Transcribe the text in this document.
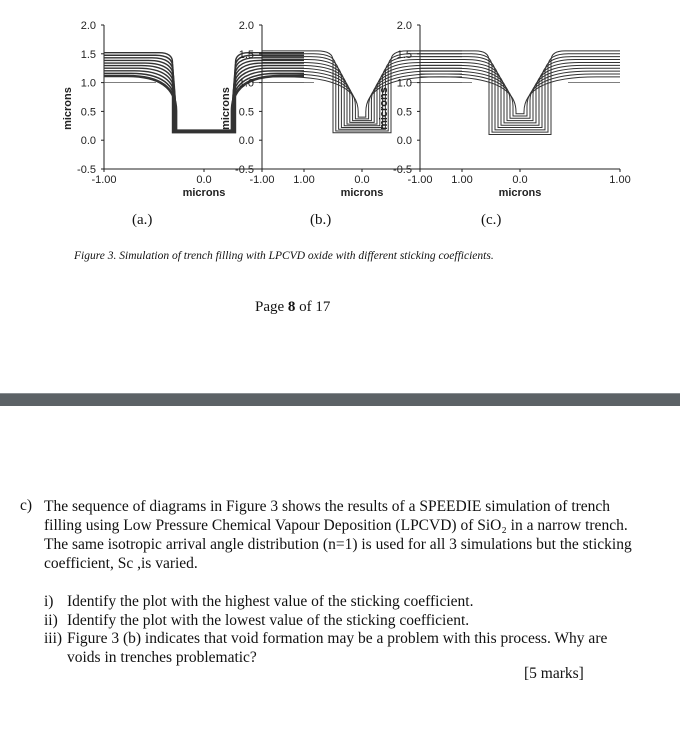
2.0
1.5
1.0
0.5
0.0
-0.5
microns
-1.00	0.0	1.00
microns
2.0
1.5
1.0
0.5
0.0
-0.5
microns
-1.00	0.0	1.00
microns
2.0
1.5
1.0
0.5
0.0
-0.5
microns
-1.00	0.0	1.00
microns
(a.)	(b.)	(c.)
Figure 3. Simulation of trench filling with LPCVD oxide with different sticking coefficients.
Page 8 of 17
c) The sequence of diagrams in Figure 3 shows the results of a SPEEDIE simulation of trench filling using Low Pressure Chemical Vapour Deposition (LPCVD) of SiO₂ in a narrow trench. The same isotropic arrival angle distribution (n=1) is used for all 3 simulations but the sticking coefficient, Sc ,is varied.
i) Identify the plot with the highest value of the sticking coefficient.
ii) Identify the plot with the lowest value of the sticking coefficient.
iii) Figure 3 (b) indicates that void formation may be a problem with this process. Why are voids in trenches problematic?
[5 marks]
